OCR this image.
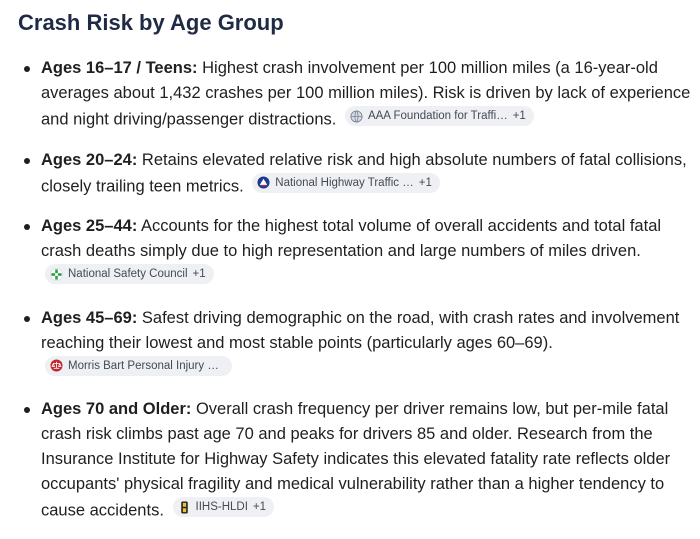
Crash Risk by Age Group
Ages 16–17 / Teens: Highest crash involvement per 100 million miles (a 16-year-old averages about 1,432 crashes per 100 million miles). Risk is driven by lack of experience and night driving/passenger distractions.	AAA Foundation for Traffi… +1
Ages 20–24: Retains elevated relative risk and high absolute numbers of fatal collisions, closely trailing teen metrics.	National Highway Traffic … +1
Ages 25–44: Accounts for the highest total volume of overall accidents and total fatal crash deaths simply due to high representation and large numbers of miles driven.
National Safety Council +1
Ages 45–69: Safest driving demographic on the road, with crash rates and involvement reaching their lowest and most stable points (particularly ages 60–69).
Morris Bart Personal Injury …
Ages 70 and Older: Overall crash frequency per driver remains low, but per-mile fatal crash risk climbs past age 70 and peaks for drivers 85 and older. Research from the Insurance Institute for Highway Safety indicates this elevated fatality rate reflects older occupants' physical fragility and medical vulnerability rather than a higher tendency to cause accidents.	IIHS-HLDI +1
